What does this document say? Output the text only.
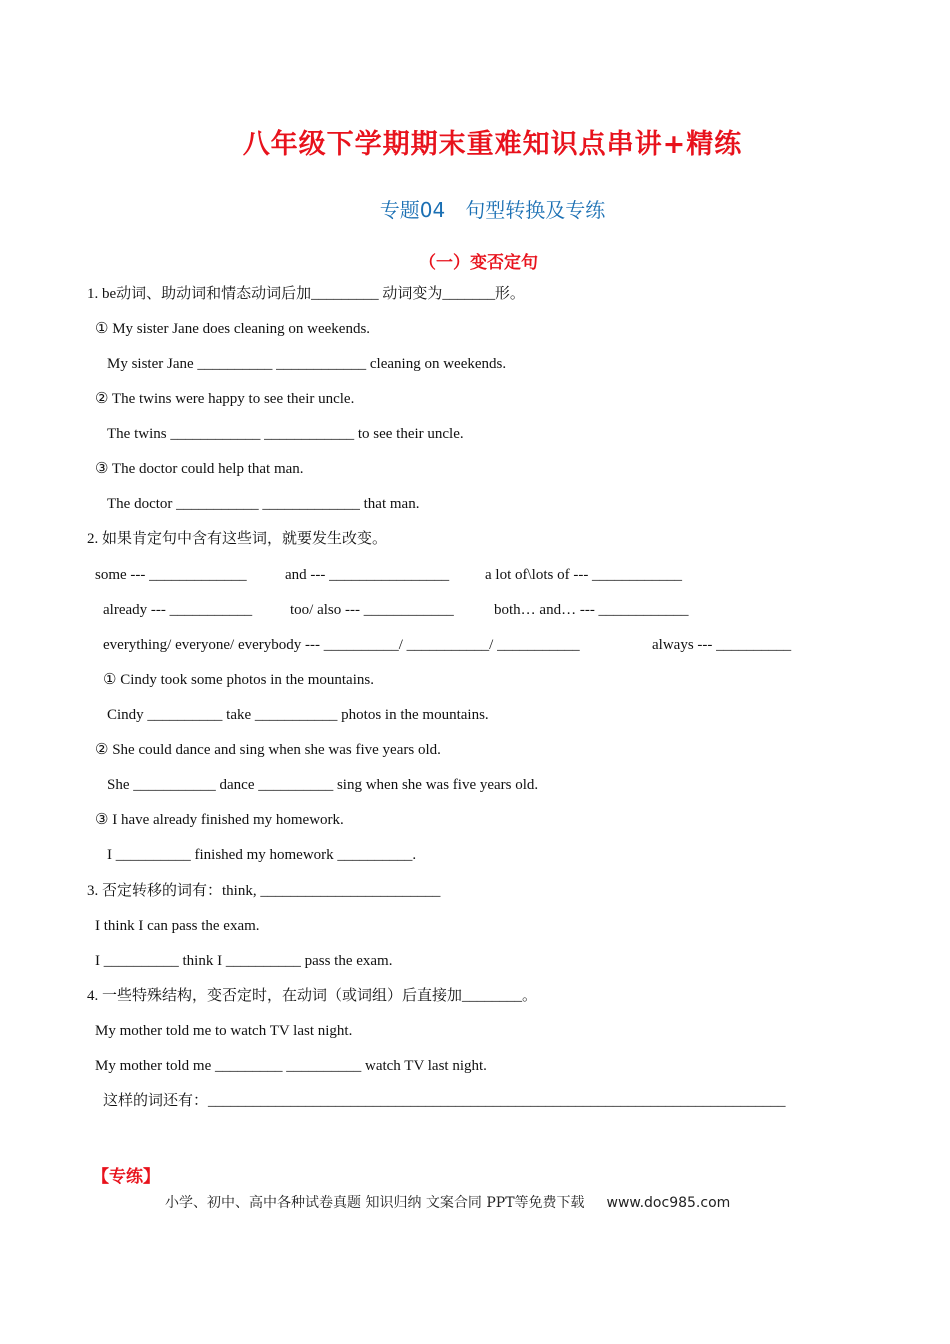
八年级下学期期末重难知识点串讲+精练
专题04　句型转换及专练
（一）变否定句
1. be动词、助动词和情态动词后加_________ 动词变为_______形。
① My sister Jane does cleaning on weekends.
My sister Jane __________ ____________ cleaning on weekends.
② The twins were happy to see their uncle.
The twins ____________ ____________ to see their uncle.
③ The doctor could help that man.
The doctor ___________ _____________ that man.
2. 如果肯定句中含有这些词，就要发生改变。
some --- _____________	and --- ________________ a lot of\lots of --- ____________
already --- ___________	too/ also --- ____________	both… and… --- ____________
everything/ everyone/ everybody --- __________/ ___________/ ___________	always --- __________
① Cindy took some photos in the mountains.
Cindy __________ take ___________ photos in the mountains.
② She could dance and sing when she was five years old.
She ___________ dance __________ sing when she was five years old.
③ I have already finished my homework.
I __________ finished my homework __________.
3. 否定转移的词有：think, ________________________
I think I can pass the exam.
I __________ think I __________ pass the exam.
4. 一些特殊结构，变否定时，在动词（或词组）后直接加________。
My mother told me to watch TV last night.
My mother told me _________ __________ watch TV last night.
这样的词还有：_____________________________________________________________________________
【专练】
小学、初中、高中各种试卷真题 知识归纳 文案合同 PPT等免费下载 www.doc985.com
